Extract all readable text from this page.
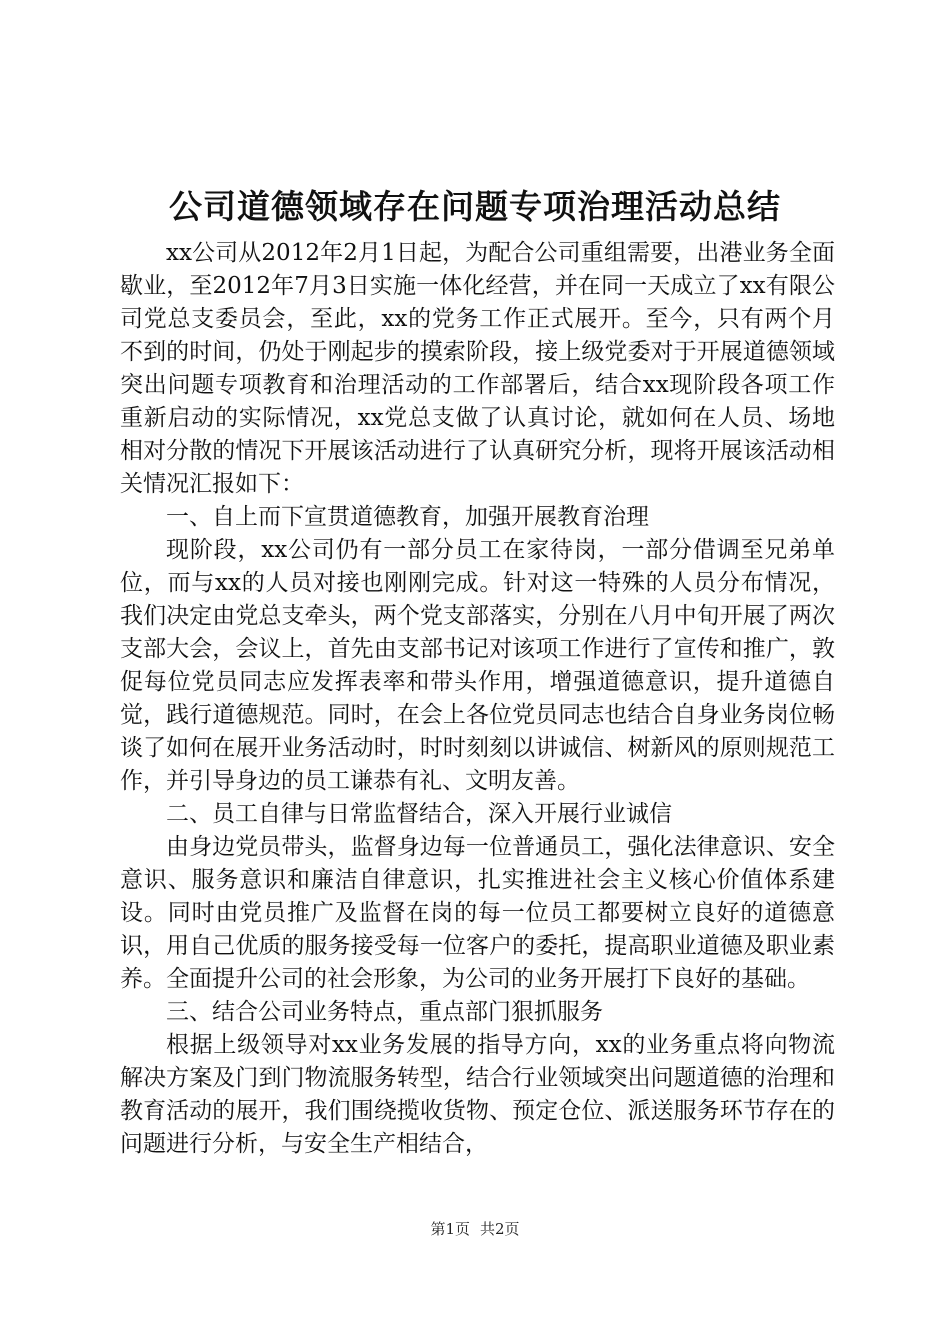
公司道德领域存在问题专项治理活动总结

xx公司从2012年2月1日起，为配合公司重组需要，出港业务全面歇业，至2012年7月3日实施一体化经营，并在同一天成立了xx有限公司党总支委员会，至此，xx的党务工作正式展开。至今，只有两个月不到的时间，仍处于刚起步的摸索阶段，接上级党委对于开展道德领域突出问题专项教育和治理活动的工作部署后，结合xx现阶段各项工作重新启动的实际情况，xx党总支做了认真讨论，就如何在人员、场地相对分散的情况下开展该活动进行了认真研究分析，现将开展该活动相关情况汇报如下：

一、自上而下宣贯道德教育，加强开展教育治理

现阶段，xx公司仍有一部分员工在家待岗，一部分借调至兄弟单位，而与xx的人员对接也刚刚完成。针对这一特殊的人员分布情况，我们决定由党总支牵头，两个党支部落实，分别在八月中旬开展了两次支部大会，会议上，首先由支部书记对该项工作进行了宣传和推广，敦促每位党员同志应发挥表率和带头作用，增强道德意识，提升道德自觉，践行道德规范。同时，在会上各位党员同志也结合自身业务岗位畅谈了如何在展开业务活动时，时时刻刻以讲诚信、树新风的原则规范工作，并引导身边的员工谦恭有礼、文明友善。

二、员工自律与日常监督结合，深入开展行业诚信

由身边党员带头，监督身边每一位普通员工，强化法律意识、安全意识、服务意识和廉洁自律意识，扎实推进社会主义核心价值体系建设。同时由党员推广及监督在岗的每一位员工都要树立良好的道德意识，用自己优质的服务接受每一位客户的委托，提高职业道德及职业素养。全面提升公司的社会形象，为公司的业务开展打下良好的基础。

三、结合公司业务特点，重点部门狠抓服务

根据上级领导对xx业务发展的指导方向，xx的业务重点将向物流解决方案及门到门物流服务转型，结合行业领域突出问题道德的治理和教育活动的展开，我们围绕揽收货物、预定仓位、派送服务环节存在的问题进行分析，与安全生产相结合，

第1页 共2页
